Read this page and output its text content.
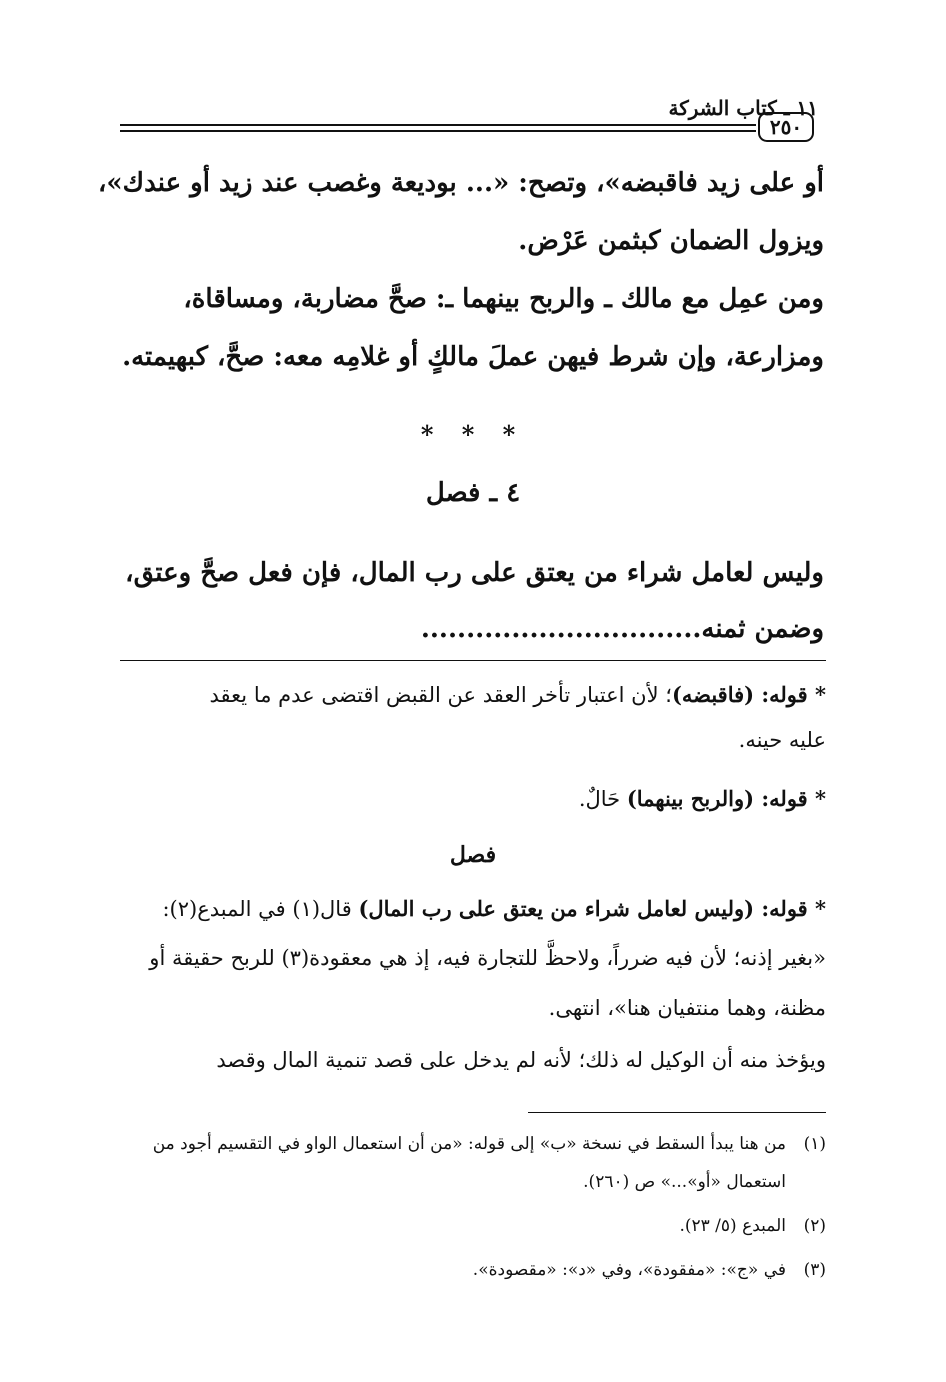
١١ ـ كتاب الشركة
٢٥٠
أو على زيد فاقبضه»، وتصح: «... بوديعة وغصب عند زيد أو عندك»،
ويزول الضمان كبثمن عَرْض.
ومن عمِل مع مالك ـ والربح بينهما ـ: صحَّ مضاربة، ومساقاة،
ومزارعة، وإن شرط فيهن عملَ مالكٍ أو غلامِه معه: صحَّ، كبهيمته.
* * *
٤ ـ فصل
وليس لعامل شراء من يعتق على رب المال، فإن فعل صحَّ وعتق،
وضمن ثمنه...............................
* قوله: (فاقبضه)؛ لأن اعتبار تأخر العقد عن القبض اقتضى عدم ما يعقد
عليه حينه.
* قوله: (والربح بينهما) حَالٌ.
فصل
* قوله: (وليس لعامل شراء من يعتق على رب المال) قال(١) في المبدع(٢):
«بغير إذنه؛ لأن فيه ضرراً، ولاحظَّ للتجارة فيه، إذ هي معقودة(٣) للربح حقيقة أو
مظنة، وهما منتفيان هنا»، انتهى.
ويؤخذ منه أن الوكيل له ذلك؛ لأنه لم يدخل على قصد تنمية المال وقصد
(١)من هنا يبدأ السقط في نسخة «ب» إلى قوله: «من أن استعمال الواو في التقسيم أجود من
استعمال «أو»...» ص (٢٦٠).
(٢)المبدع (٥/ ٢٣).
(٣)في «ج»: «مفقودة»، وفي «د»: «مقصودة».
